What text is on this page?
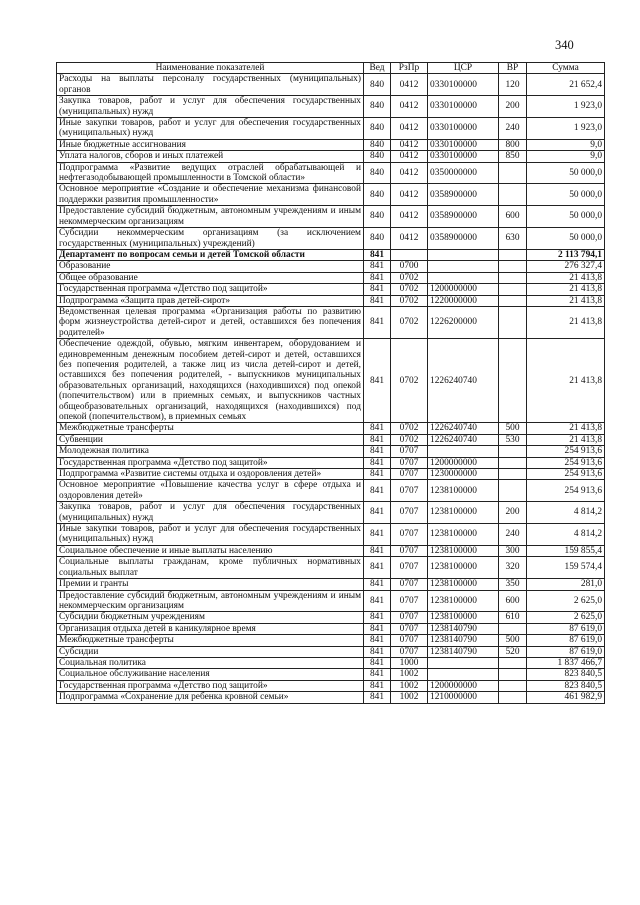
340
Наименование показателей	Вед	РзПр	ЦСР	ВР	Сумма
Расходы на выплаты персоналу государственных (муниципальных) органов	840	0412	0330100000	120	21 652,4
Закупка товаров, работ и услуг для обеспечения государственных (муниципальных) нужд	840	0412	0330100000	200	1 923,0
Иные закупки товаров, работ и услуг для обеспечения государственных (муниципальных) нужд	840	0412	0330100000	240	1 923,0
Иные бюджетные ассигнования	840	0412	0330100000	800	9,0
Уплата налогов, сборов и иных платежей	840	0412	0330100000	850	9,0
Подпрограмма «Развитие ведущих отраслей обрабатывающей и нефтегазодобывающей промышленности в Томской области»	840	0412	0350000000		50 000,0
Основное мероприятие «Создание и обеспечение механизма финансовой поддержки развития промышленности»	840	0412	0358900000		50 000,0
Предоставление субсидий бюджетным, автономным учреждениям и иным некоммерческим организациям	840	0412	0358900000	600	50 000,0
Субсидии некоммерческим организациям (за исключением государственных (муниципальных) учреждений)	840	0412	0358900000	630	50 000,0
Департамент по вопросам семьи и детей Томской области	841				2 113 794,1
Образование	841	0700			276 327,4
Общее образование	841	0702			21 413,8
Государственная программа «Детство под защитой»	841	0702	1200000000		21 413,8
Подпрограмма «Защита прав детей-сирот»	841	0702	1220000000		21 413,8
Ведомственная целевая программа «Организация работы по развитию форм жизнеустройства детей-сирот и детей, оставшихся без попечения родителей»	841	0702	1226200000		21 413,8
Обеспечение одеждой, обувью, мягким инвентарем, оборудованием и единовременным денежным пособием детей-сирот и детей, оставшихся без попечения родителей, а также лиц из числа детей-сирот и детей, оставшихся без попечения родителей, - выпускников муниципальных образовательных организаций, находящихся (находившихся) под опекой (попечительством) или в приемных семьях, и выпускников частных общеобразовательных организаций, находящихся (находившихся) под опекой (попечительством), в приемных семьях	841	0702	1226240740		21 413,8
Межбюджетные трансферты	841	0702	1226240740	500	21 413,8
Субвенции	841	0702	1226240740	530	21 413,8
Молодежная политика	841	0707			254 913,6
Государственная программа «Детство под защитой»	841	0707	1200000000		254 913,6
Подпрограмма «Развитие системы отдыха и оздоровления детей»	841	0707	1230000000		254 913,6
Основное мероприятие «Повышение качества услуг в сфере отдыха и оздоровления детей»	841	0707	1238100000		254 913,6
Закупка товаров, работ и услуг для обеспечения государственных (муниципальных) нужд	841	0707	1238100000	200	4 814,2
Иные закупки товаров, работ и услуг для обеспечения государственных (муниципальных) нужд	841	0707	1238100000	240	4 814,2
Социальное обеспечение и иные выплаты населению	841	0707	1238100000	300	159 855,4
Социальные выплаты гражданам, кроме публичных нормативных социальных выплат	841	0707	1238100000	320	159 574,4
Премии и гранты	841	0707	1238100000	350	281,0
Предоставление субсидий бюджетным, автономным учреждениям и иным некоммерческим организациям	841	0707	1238100000	600	2 625,0
Субсидии бюджетным учреждениям	841	0707	1238100000	610	2 625,0
Организация отдыха детей в каникулярное время	841	0707	1238140790		87 619,0
Межбюджетные трансферты	841	0707	1238140790	500	87 619,0
Субсидии	841	0707	1238140790	520	87 619,0
Социальная политика	841	1000			1 837 466,7
Социальное обслуживание населения	841	1002			823 840,5
Государственная программа «Детство под защитой»	841	1002	1200000000		823 840,5
Подпрограмма «Сохранение для ребенка кровной семьи»	841	1002	1210000000		461 982,9
